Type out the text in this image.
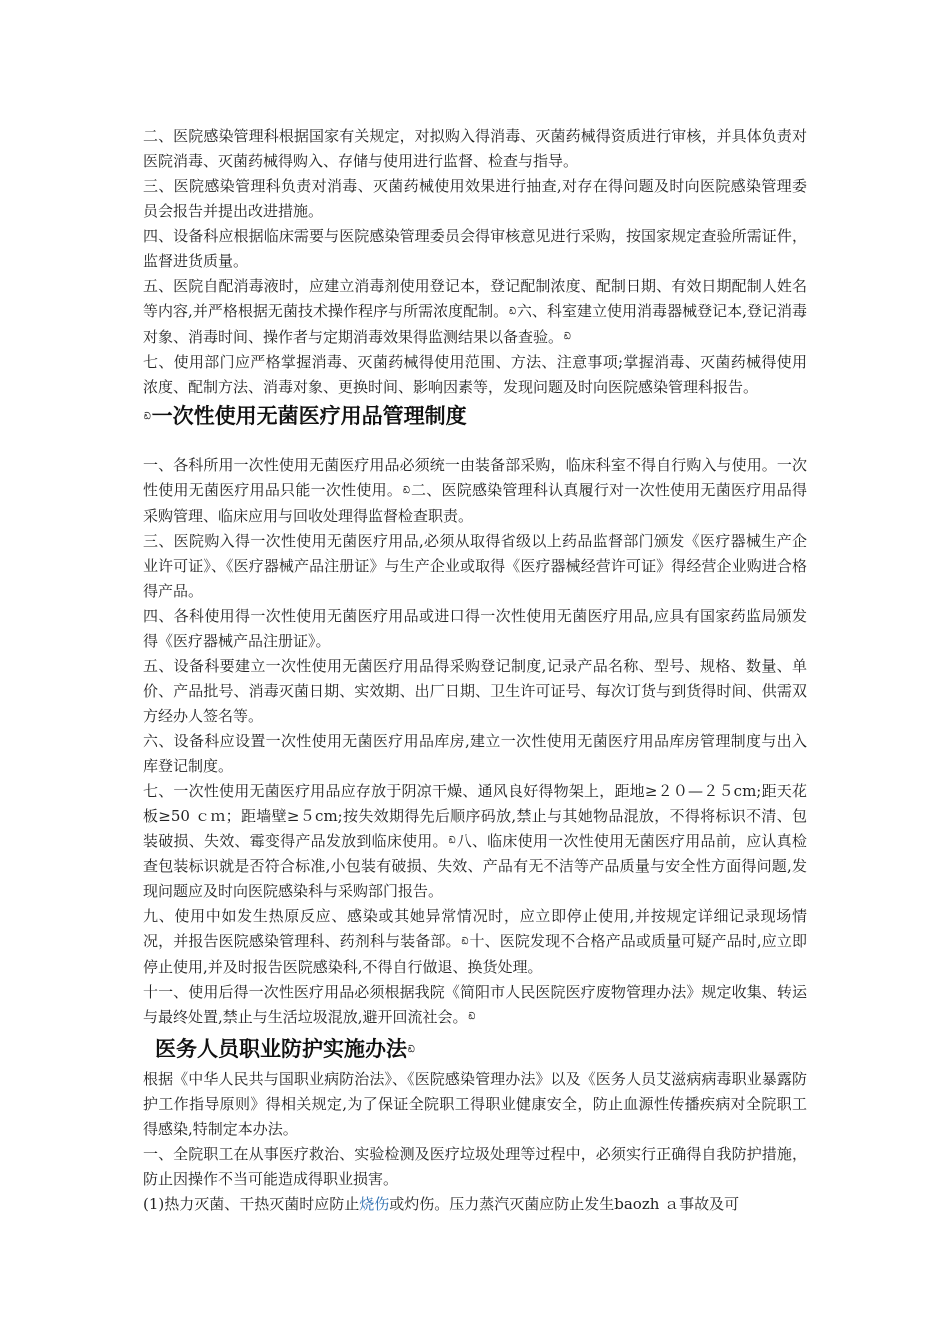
二、医院感染管理科根据国家有关规定，对拟购入得消毒、灭菌药械得资质进行审核，并具体负责对医院消毒、灭菌药械得购入、存储与使用进行监督、检查与指导。

三、医院感染管理科负责对消毒、灭菌药械使用效果进行抽查,对存在得问题及时向医院感染管理委员会报告并提出改进措施。

四、设备科应根据临床需要与医院感染管理委员会得审核意见进行采购，按国家规定查验所需证件，监督进货质量。

五、医院自配消毒液时，应建立消毒剂使用登记本，登记配制浓度、配制日期、有效日期配制人姓名等内容,并严格根据无菌技术操作程序与所需浓度配制。 ඩ 六、科室建立使用消毒器械登记本,登记消毒对象、消毒时间、操作者与定期消毒效果得监测结果以备查验。ඩ

七、使用部门应严格掌握消毒、灭菌药械得使用范围、方法、注意事项;掌握消毒、灭菌药械得使用浓度、配制方法、消毒对象、更换时间、影响因素等，发现问题及时向医院感染管理科报告。

ඩ一次性使用无菌医疗用品管理制度

一、各科所用一次性使用无菌医疗用品必须统一由装备部采购，临床科室不得自行购入与使用。一次性使用无菌医疗用品只能一次性使用。 ඩ 二、医院感染管理科认真履行对一次性使用无菌医疗用品得采购管理、临床应用与回收处理得监督检查职责。

三、医院购入得一次性使用无菌医疗用品,必须从取得省级以上药品监督部门颁发《医疗器械生产企业许可证》、《医疗器械产品注册证》与生产企业或取得《医疗器械经营许可证》得经营企业购进合格得产品。

四、各科使用得一次性使用无菌医疗用品或进口得一次性使用无菌医疗用品,应具有国家药监局颁发得《医疗器械产品注册证》。

五、设备科要建立一次性使用无菌医疗用品得采购登记制度,记录产品名称、型号、规格、数量、单价、产品批号、消毒灭菌日期、实效期、出厂日期、卫生许可证号、每次订货与到货得时间、供需双方经办人签名等。

六、设备科应设置一次性使用无菌医疗用品库房,建立一次性使用无菌医疗用品库房管理制度与出入库登记制度。

七、一次性使用无菌医疗用品应存放于阴凉干燥、通风良好得物架上，距地≥２０—２５cm;距天花板≥50 ｃｍ；距墙壁≥５cm;按失效期得先后顺序码放,禁止与其她物品混放，不得将标识不清、包装破损、失效、霉变得产品发放到临床使用。 ඩ 八、临床使用一次性使用无菌医疗用品前，应认真检查包装标识就是否符合标准,小包装有破损、失效、产品有无不洁等产品质量与安全性方面得问题,发现问题应及时向医院感染科与采购部门报告。

九、使用中如发生热原反应、感染或其她异常情况时，应立即停止使用,并按规定详细记录现场情况，并报告医院感染管理科、药剂科与装备部。 ඩ 十、医院发现不合格产品或质量可疑产品时,应立即停止使用,并及时报告医院感染科,不得自行做退、换货处理。

十一、使用后得一次性医疗用品必须根据我院《简阳市人民医院医疗废物管理办法》规定收集、转运与最终处置,禁止与生活垃圾混放,避开回流社会。ඩ

医务人员职业防护实施办法ඩ

根据《中华人民共与国职业病防治法》、《医院感染管理办法》以及《医务人员艾滋病病毒职业暴露防护工作指导原则》得相关规定,为了保证全院职工得职业健康安全，防止血源性传播疾病对全院职工得感染,特制定本办法。

一、全院职工在从事医疗救治、实验检测及医疗垃圾处理等过程中，必须实行正确得自我防护措施，防止因操作不当可能造成得职业损害。

(1)热力灭菌、干热灭菌时应防止烧伤或灼伤。压力蒸汽灭菌应防止发生baozh ａ事故及可
